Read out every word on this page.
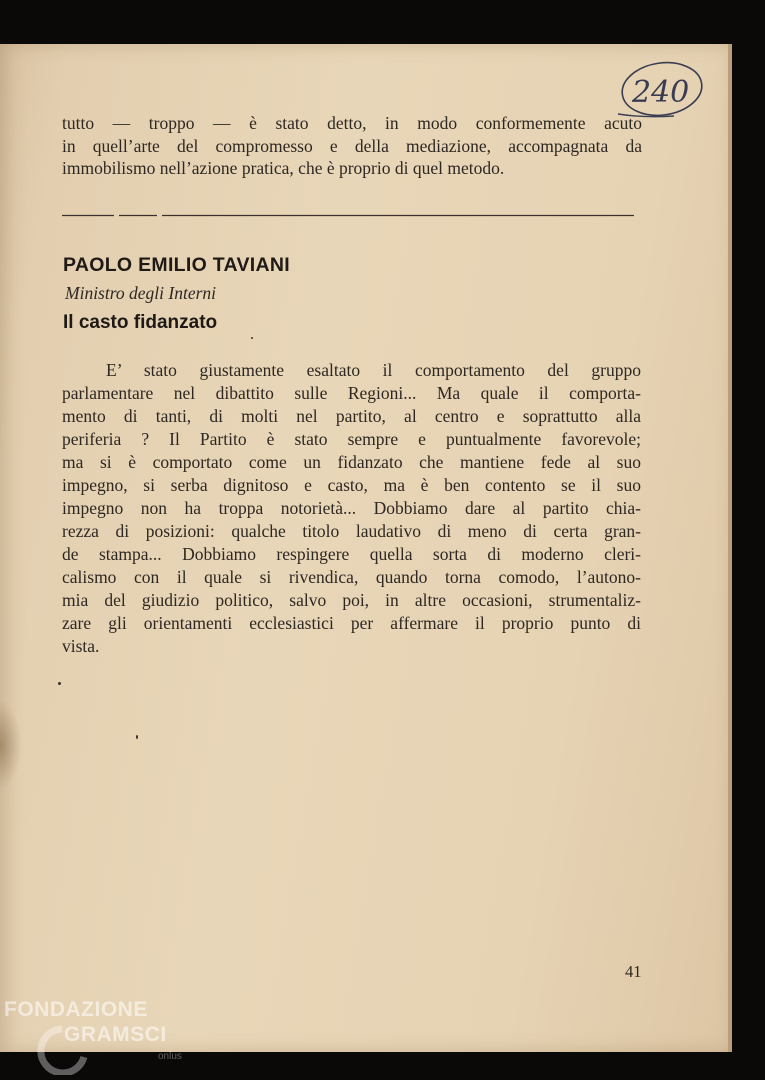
tutto — troppo — è stato detto, in modo conformemente acuto
in quell’arte del compromesso e della mediazione, accompagnata da
immobilismo nell’azione pratica, che è proprio di quel metodo.
240
PAOLO EMILIO TAVIANI
Ministro degli Interni
Il casto fidanzato
E’ stato giustamente esaltato il comportamento del gruppo
parlamentare nel dibattito sulle Regioni... Ma quale il comporta-
mento di tanti, di molti nel partito, al centro e soprattutto alla
periferia ? Il Partito è stato sempre e puntualmente favorevole;
ma si è comportato come un fidanzato che mantiene fede al suo
impegno, si serba dignitoso e casto, ma è ben contento se il suo
impegno non ha troppa notorietà... Dobbiamo dare al partito chia-
rezza di posizioni: qualche titolo laudativo di meno di certa gran-
de stampa... Dobbiamo respingere quella sorta di moderno cleri-
calismo con il quale si rivendica, quando torna comodo, l’autono-
mia del giudizio politico, salvo poi, in altre occasioni, strumentaliz-
zare gli orientamenti ecclesiastici per affermare il proprio punto di
vista.
41
FONDAZIONE
GRAMSCI
onlus
